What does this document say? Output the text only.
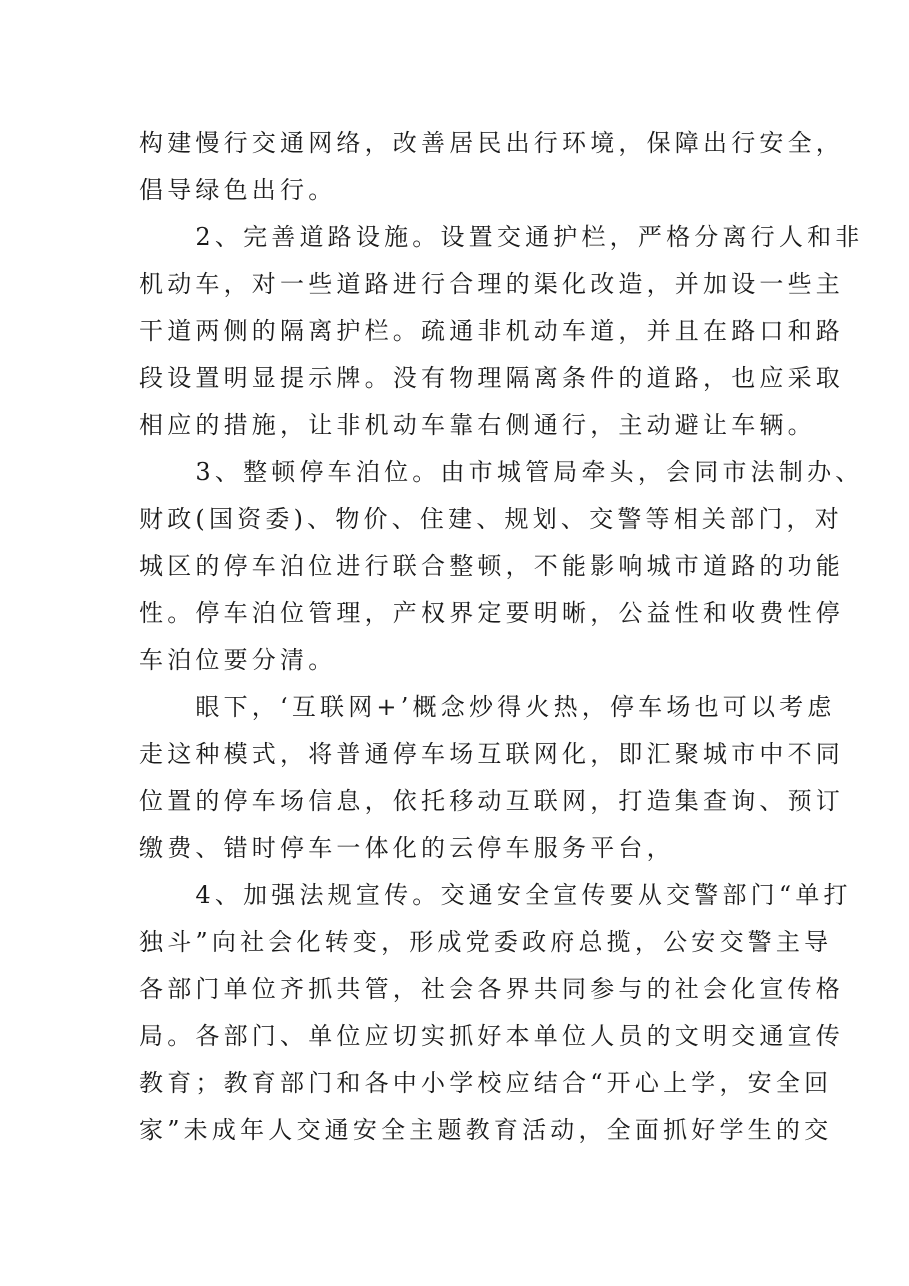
构建慢行交通网络，改善居民出行环境，保障出行安全，
倡导绿色出行。
　　2、完善道路设施。设置交通护栏，严格分离行人和非
机动车，对一些道路进行合理的渠化改造，并加设一些主
干道两侧的隔离护栏。疏通非机动车道，并且在路口和路
段设置明显提示牌。没有物理隔离条件的道路，也应采取
相应的措施，让非机动车靠右侧通行，主动避让车辆。
　　3、整顿停车泊位。由市城管局牵头，会同市法制办、
财政(国资委)、物价、住建、规划、交警等相关部门，对
城区的停车泊位进行联合整顿，不能影响城市道路的功能
性。停车泊位管理，产权界定要明晰，公益性和收费性停
车泊位要分清。
　　眼下，‘互联网+’概念炒得火热，停车场也可以考虑
走这种模式，将普通停车场互联网化，即汇聚城市中不同
位置的停车场信息，依托移动互联网，打造集查询、预订
缴费、错时停车一体化的云停车服务平台，
　　4、加强法规宣传。交通安全宣传要从交警部门“单打
独斗”向社会化转变，形成党委政府总揽，公安交警主导
各部门单位齐抓共管，社会各界共同参与的社会化宣传格
局。各部门、单位应切实抓好本单位人员的文明交通宣传
教育；教育部门和各中小学校应结合“开心上学，安全回
家”未成年人交通安全主题教育活动，全面抓好学生的交
